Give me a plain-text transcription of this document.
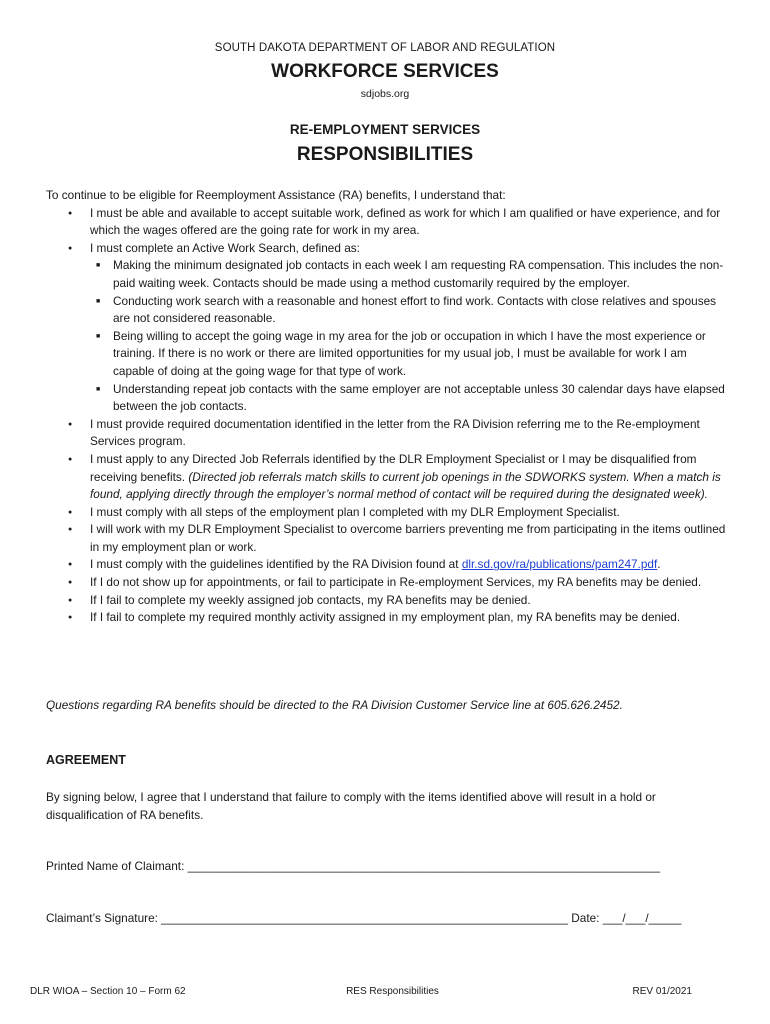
SOUTH DAKOTA DEPARTMENT OF LABOR AND REGULATION
WORKFORCE SERVICES
sdjobs.org
RE-EMPLOYMENT SERVICES
RESPONSIBILITIES

To continue to be eligible for Reemployment Assistance (RA) benefits, I understand that:

● I must be able and available to accept suitable work, defined as work for which I am qualified or have experience, and for which the wages offered are the going rate for work in my area.
● I must complete an Active Work Search, defined as:
■ Making the minimum designated job contacts in each week I am requesting RA compensation. This includes the non-paid waiting week. Contacts should be made using a method customarily required by the employer.
■ Conducting work search with a reasonable and honest effort to find work. Contacts with close relatives and spouses are not considered reasonable.
■ Being willing to accept the going wage in my area for the job or occupation in which I have the most experience or training. If there is no work or there are limited opportunities for my usual job, I must be available for work I am capable of doing at the going wage for that type of work.
■ Understanding repeat job contacts with the same employer are not acceptable unless 30 calendar days have elapsed between the job contacts.
● I must provide required documentation identified in the letter from the RA Division referring me to the Re-employment Services program.
● I must apply to any Directed Job Referrals identified by the DLR Employment Specialist or I may be disqualified from receiving benefits. (Directed job referrals match skills to current job openings in the SDWORKS system. When a match is found, applying directly through the employer’s normal method of contact will be required during the designated week).
● I must comply with all steps of the employment plan I completed with my DLR Employment Specialist.
● I will work with my DLR Employment Specialist to overcome barriers preventing me from participating in the items outlined in my employment plan or work.
● I must comply with the guidelines identified by the RA Division found at dlr.sd.gov/ra/publications/pam247.pdf.
● If I do not show up for appointments, or fail to participate in Re-employment Services, my RA benefits may be denied.
● If I fail to complete my weekly assigned job contacts, my RA benefits may be denied.
● If I fail to complete my required monthly activity assigned in my employment plan, my RA benefits may be denied.
Questions regarding RA benefits should be directed to the RA Division Customer Service line at 605.626.2452.
AGREEMENT
By signing below, I agree that I understand that failure to comply with the items identified above will result in a hold or disqualification of RA benefits.
Printed Name of Claimant: ________________________________________________________________________
Claimant’s Signature: ______________________________________________________________ Date: ___/___/_____
DLR WIOA – Section 10 – Form 62	RES Responsibilities	REV 01/2021
